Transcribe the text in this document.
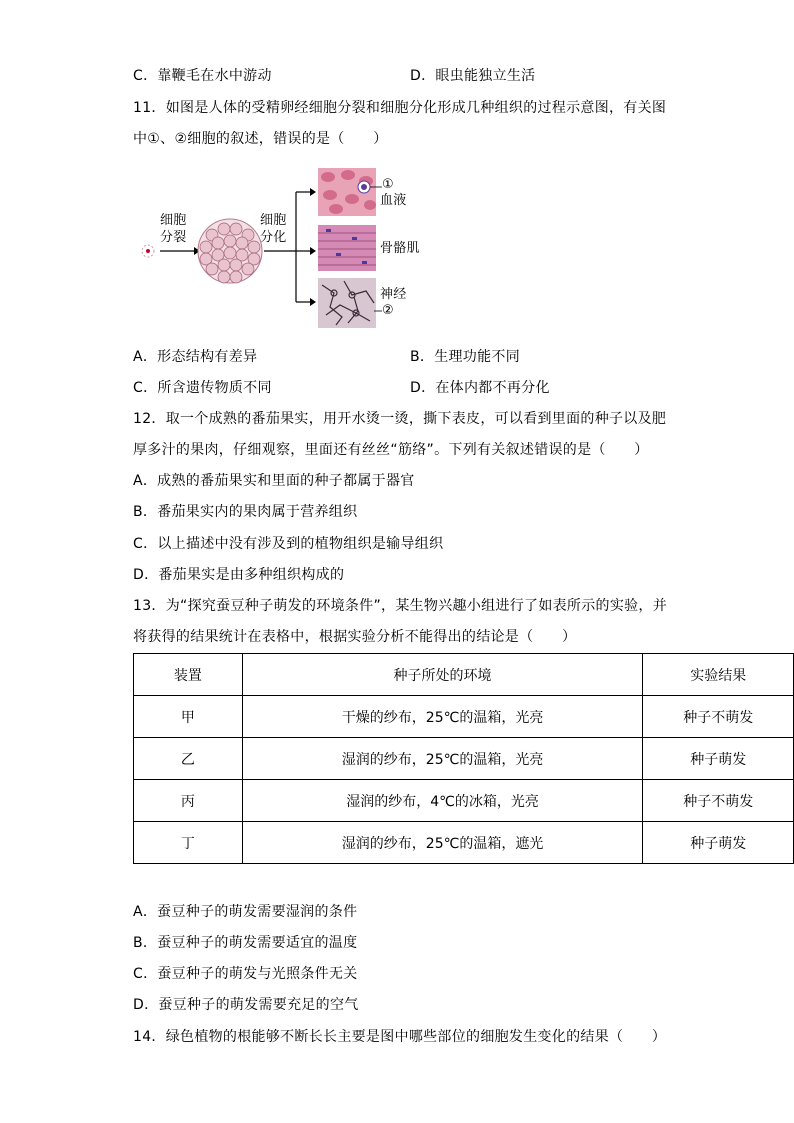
C．靠鞭毛在水中游动	D．眼虫能独立生活
11．如图是人体的受精卵经细胞分裂和细胞分化形成几种组织的过程示意图，有关图
中①、②细胞的叙述，错误的是（　　）
细胞
分裂
细胞
分化
①
血液
骨骼肌
神经
②
A．形态结构有差异	B．生理功能不同
C．所含遗传物质不同	D．在体内都不再分化
12．取一个成熟的番茄果实，用开水烫一烫，撕下表皮，可以看到里面的种子以及肥
厚多汁的果肉，仔细观察，里面还有丝丝“筋络”。下列有关叙述错误的是（　　）
A．成熟的番茄果实和里面的种子都属于器官
B．番茄果实内的果肉属于营养组织
C．以上描述中没有涉及到的植物组织是输导组织
D．番茄果实是由多种组织构成的
13．为“探究蚕豆种子萌发的环境条件”，某生物兴趣小组进行了如表所示的实验，并
将获得的结果统计在表格中，根据实验分析不能得出的结论是（　　）
装置	种子所处的环境	实验结果
甲	干燥的纱布，25℃的温箱，光亮	种子不萌发
乙	湿润的纱布，25℃的温箱，光亮	种子萌发
丙	湿润的纱布，4℃的冰箱，光亮	种子不萌发
丁	湿润的纱布，25℃的温箱，遮光	种子萌发
A．蚕豆种子的萌发需要湿润的条件
B．蚕豆种子的萌发需要适宜的温度
C．蚕豆种子的萌发与光照条件无关
D．蚕豆种子的萌发需要充足的空气
14．绿色植物的根能够不断长长主要是图中哪些部位的细胞发生变化的结果（　　）
